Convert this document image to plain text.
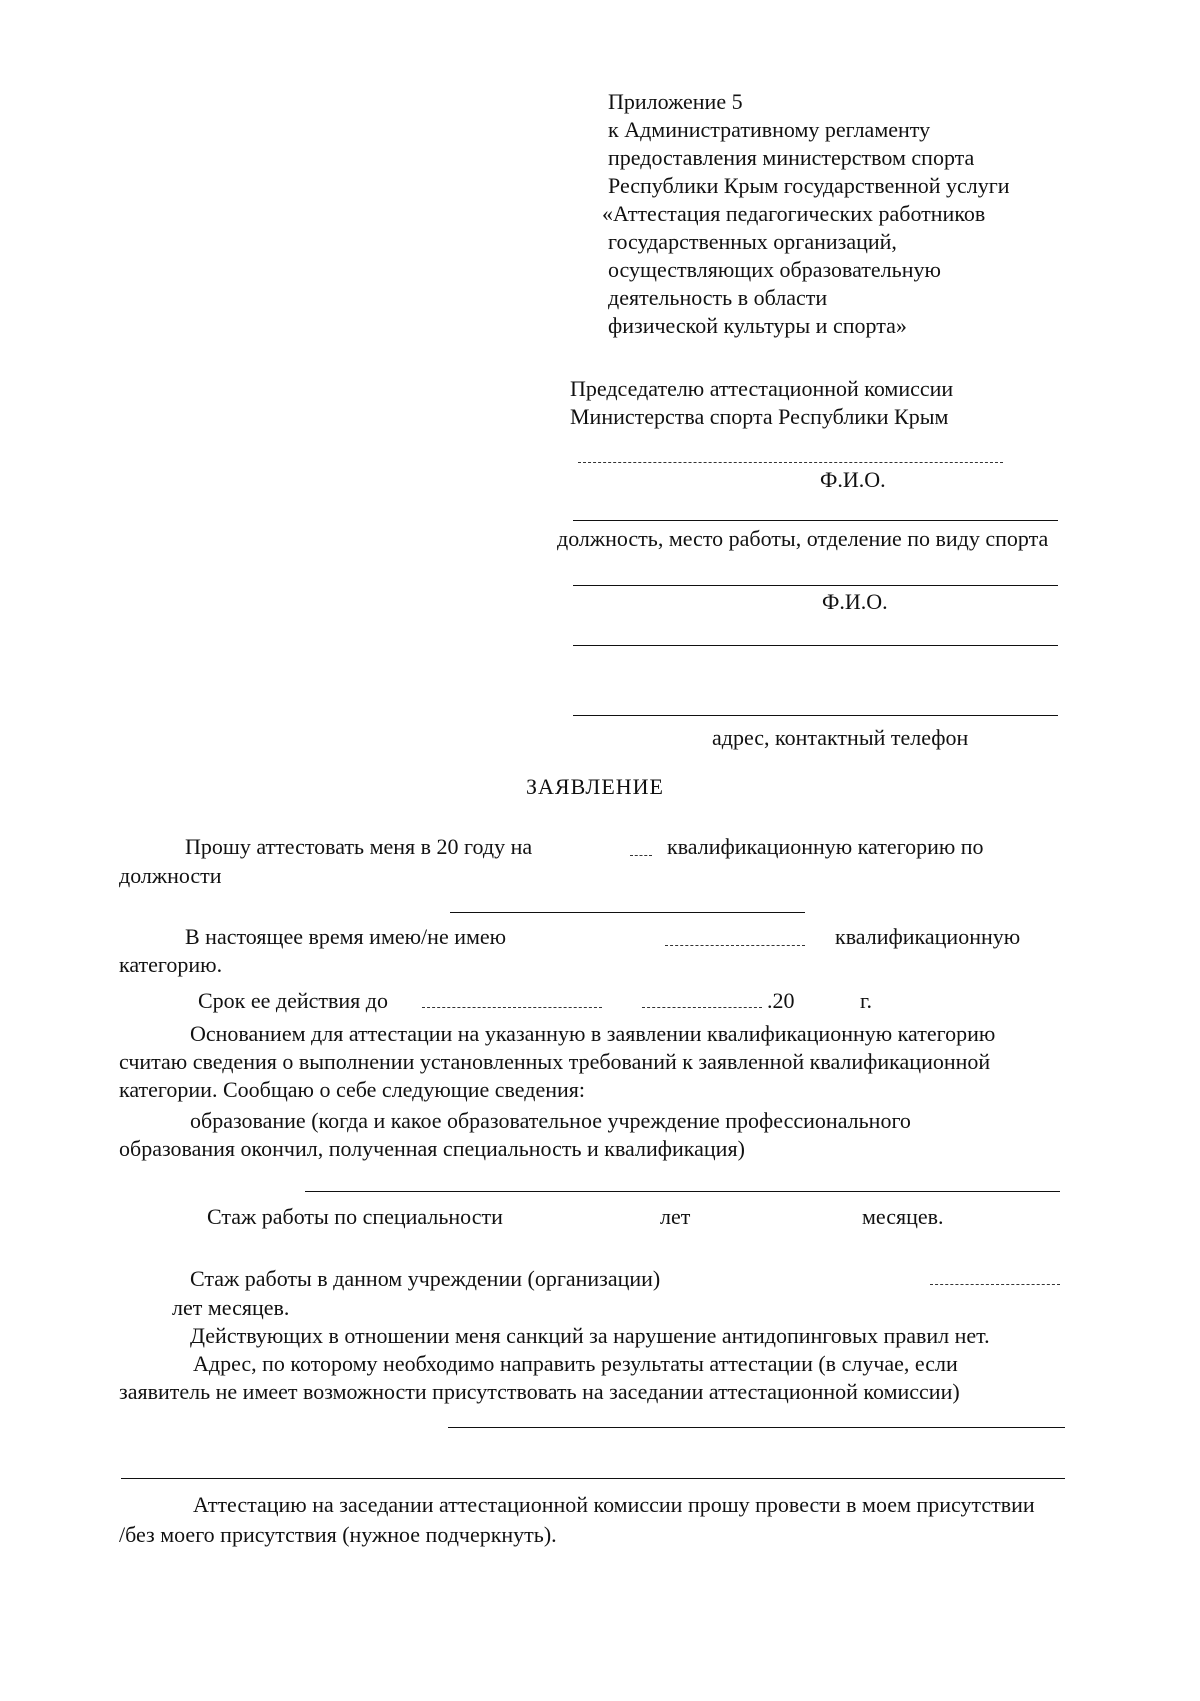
Приложение 5
к Административному регламенту
предоставления министерством спорта
Республики Крым государственной услуги
«Аттестация педагогических работников
государственных организаций,
осуществляющих образовательную
деятельность в области
физической культуры и спорта»
Председателю аттестационной комиссии
Министерства спорта Республики Крым
Ф.И.О.
должность, место работы, отделение по виду спорта
Ф.И.О.
адрес, контактный телефон
ЗАЯВЛЕНИЕ
Прошу аттестовать меня в 20 году на	квалификационную категорию по
должности
В настоящее время имею/не имею	квалификационную
категорию.
Срок ее действия до	.20	г.
Основанием для аттестации на указанную в заявлении квалификационную категорию
считаю сведения о выполнении установленных требований к заявленной квалификационной
категории. Сообщаю о себе следующие сведения:
образование (когда и какое образовательное учреждение профессионального
образования окончил, полученная специальность и квалификация)
Стаж работы по специальности	лет	месяцев.
Стаж работы в данном учреждении (организации)
лет месяцев.
Действующих в отношении меня санкций за нарушение антидопинговых правил нет.
Адрес, по которому необходимо направить результаты аттестации (в случае, если
заявитель не имеет возможности присутствовать на заседании аттестационной комиссии)
Аттестацию на заседании аттестационной комиссии прошу провести в моем присутствии
/без моего присутствия (нужное подчеркнуть).
